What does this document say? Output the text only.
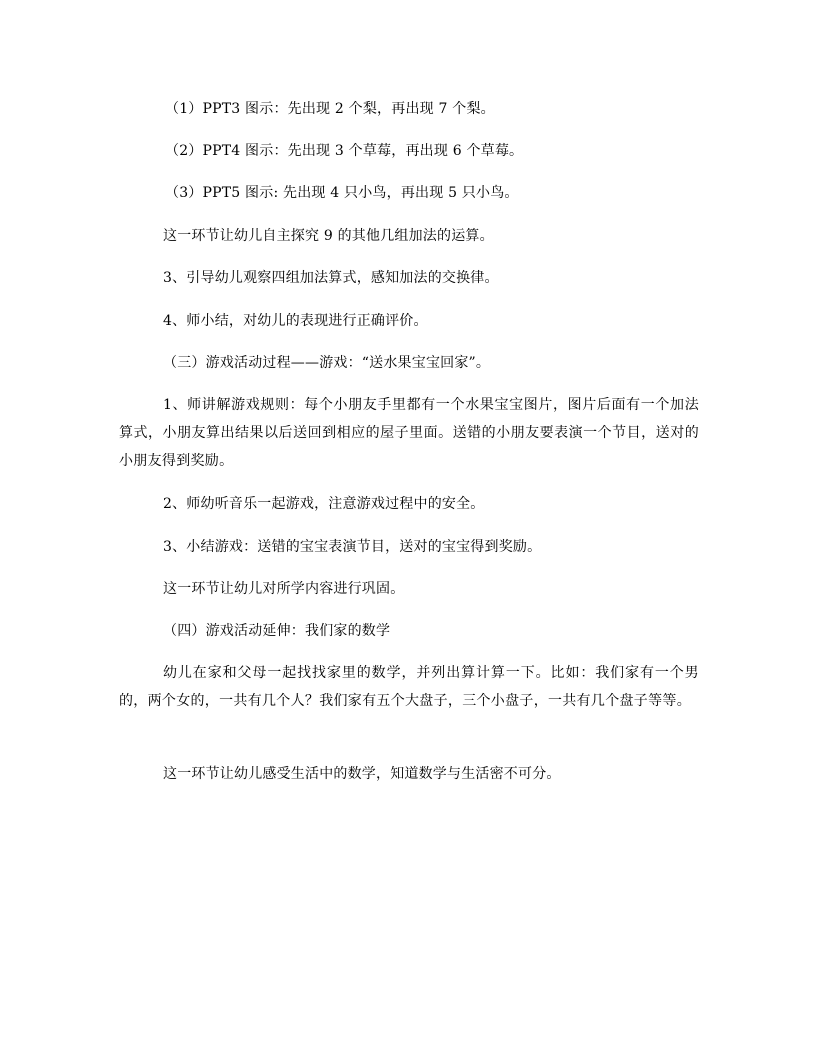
（1）PPT3 图示：先出现 2 个梨，再出现 7 个梨。
（2）PPT4 图示：先出现 3 个草莓，再出现 6 个草莓。
（3）PPT5 图示: 先出现 4 只小鸟，再出现 5 只小鸟。
这一环节让幼儿自主探究 9 的其他几组加法的运算。
3、引导幼儿观察四组加法算式，感知加法的交换律。
4、师小结，对幼儿的表现进行正确评价。
（三）游戏活动过程——游戏：“送水果宝宝回家”。
1、师讲解游戏规则：每个小朋友手里都有一个水果宝宝图片，图片后面有一个加法算式，小朋友算出结果以后送回到相应的屋子里面。送错的小朋友要表演一个节目，送对的小朋友得到奖励。
2、师幼听音乐一起游戏，注意游戏过程中的安全。
3、小结游戏：送错的宝宝表演节目，送对的宝宝得到奖励。
这一环节让幼儿对所学内容进行巩固。
（四）游戏活动延伸：我们家的数学
幼儿在家和父母一起找找家里的数学，并列出算计算一下。比如：我们家有一个男的，两个女的，一共有几个人？我们家有五个大盘子，三个小盘子，一共有几个盘子等等。
这一环节让幼儿感受生活中的数学，知道数学与生活密不可分。
